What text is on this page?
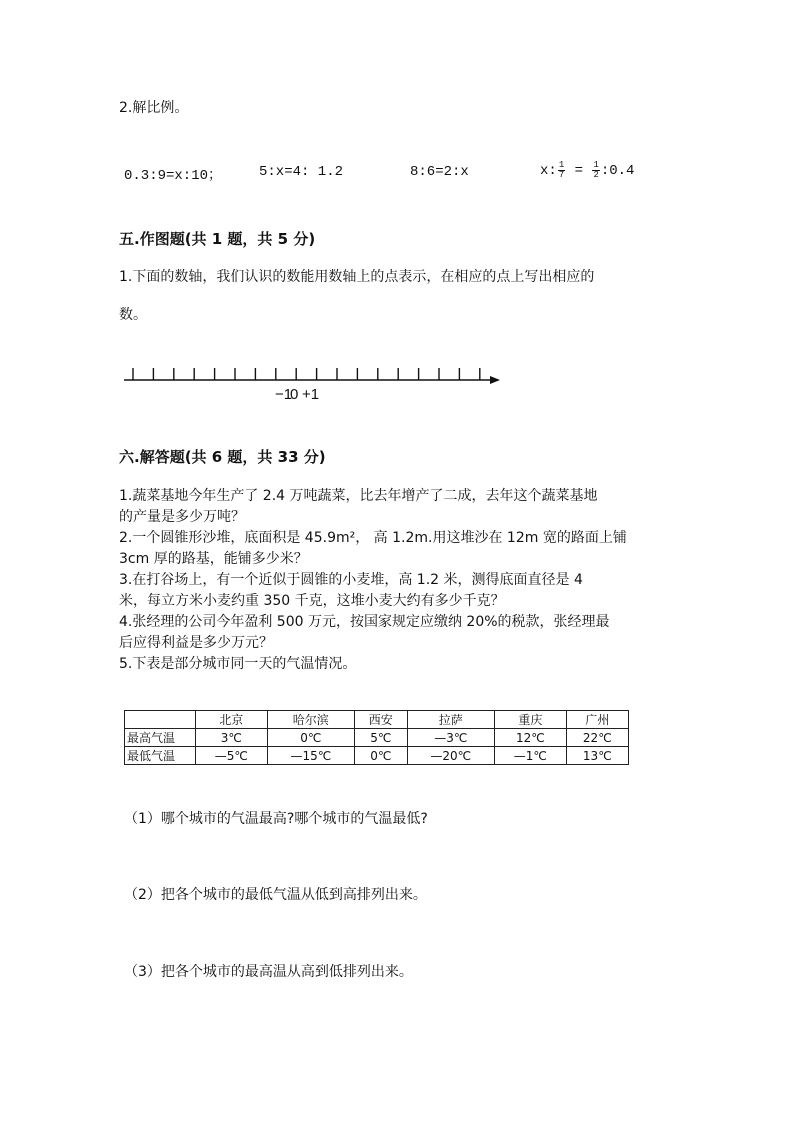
2.解比例。
0.3:9=x:10；	5:x=4: 1.2	8:6=2:x	x: $\frac{1}{7} = \frac{1}{2}$ :0.4
五.作图题(共 1 题，共 5 分)
1.下面的数轴，我们认识的数能用数轴上的点表示，在相应的点上写出相应的
数。
−1
0 +1
六.解答题(共 6 题，共 33 分)
1.蔬菜基地今年生产了 2.4 万吨蔬菜，比去年增产了二成，去年这个蔬菜基地
的产量是多少万吨？
2.一个圆锥形沙堆，底面积是 45.9m²， 高 1.2m.用这堆沙在 12m 宽的路面上铺
3cm 厚的路基，能铺多少米？
3.在打谷场上，有一个近似于圆锥的小麦堆，高 1.2 米，测得底面直径是 4
米，每立方米小麦约重 350 千克，这堆小麦大约有多少千克？
4.张经理的公司今年盈利 500 万元，按国家规定应缴纳 20%的税款，张经理最
后应得利益是多少万元？
5.下表是部分城市同一天的气温情况。
	北京	哈尔滨	西安	拉萨	重庆	广州
最高气温	3℃	0℃	5℃	—3℃	12℃	22℃
最低气温	—5℃	—15℃	0℃	—20℃	—1℃	13℃
（1）哪个城市的气温最高?哪个城市的气温最低?
（2）把各个城市的最低气温从低到高排列出来。
（3）把各个城市的最高温从高到低排列出来。
